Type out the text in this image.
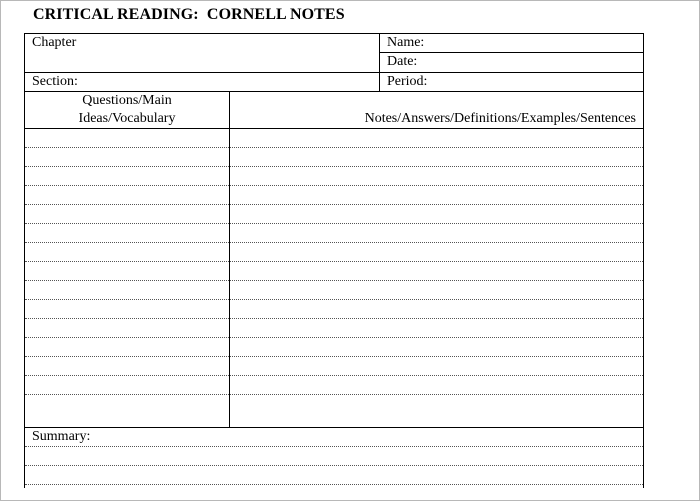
CRITICAL READING:  CORNELL NOTES
Chapter	Name:
Date:
Section:	Period:
Questions/Main
Ideas/Vocabulary	Notes/Answers/Definitions/Examples/Sentences
Summary:
